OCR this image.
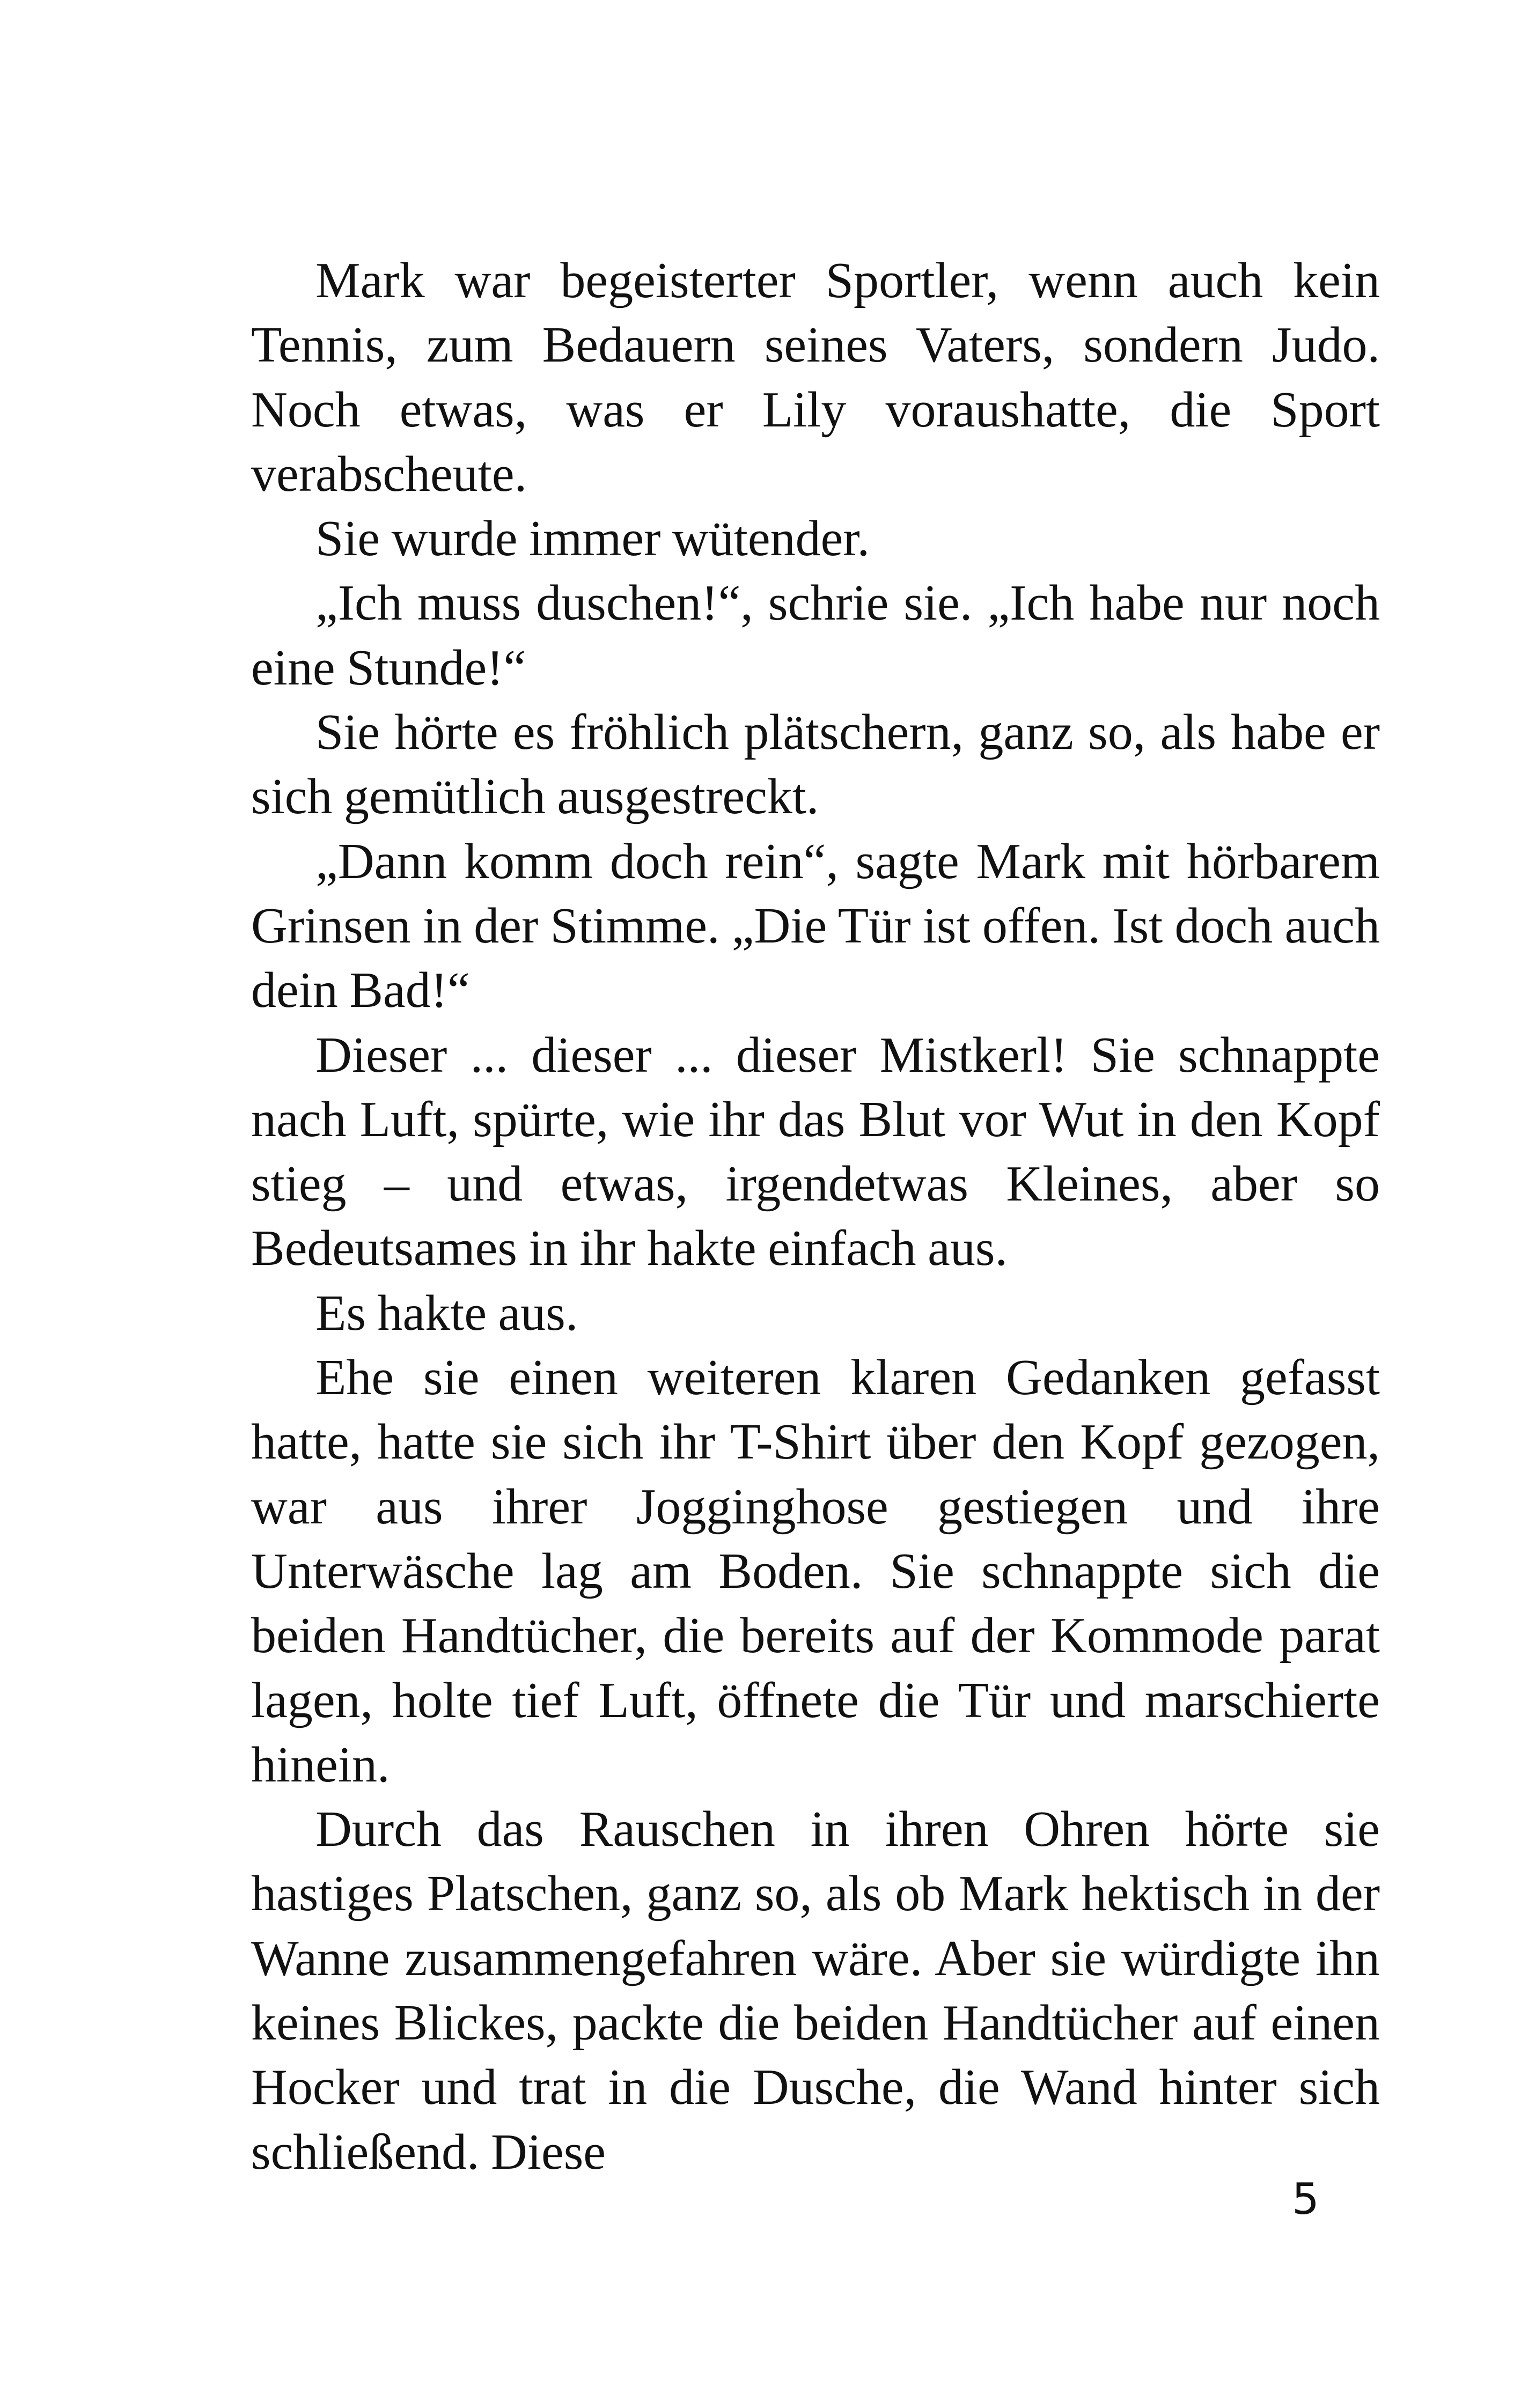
Mark war begeisterter Sportler, wenn auch kein Tennis, zum Bedauern seines Vaters, sondern Judo. Noch etwas, was er Lily voraushatte, die Sport verabscheute.

Sie wurde immer wütender.

„Ich muss duschen!“, schrie sie. „Ich habe nur noch eine Stunde!“

Sie hörte es fröhlich plätschern, ganz so, als habe er sich gemütlich ausgestreckt.

„Dann komm doch rein“, sagte Mark mit hörbarem Grinsen in der Stimme. „Die Tür ist offen. Ist doch auch dein Bad!“

Dieser ... dieser ... dieser Mistkerl! Sie schnappte nach Luft, spürte, wie ihr das Blut vor Wut in den Kopf stieg – und etwas, irgendetwas Kleines, aber so Bedeutsames in ihr hakte einfach aus.

Es hakte aus.

Ehe sie einen weiteren klaren Gedanken gefasst hatte, hatte sie sich ihr T-Shirt über den Kopf gezogen, war aus ihrer Jogginghose gestiegen und ihre Unterwäsche lag am Boden. Sie schnappte sich die beiden Handtücher, die bereits auf der Kommode parat lagen, holte tief Luft, öffnete die Tür und marschierte hinein.

Durch das Rauschen in ihren Ohren hörte sie hastiges Platschen, ganz so, als ob Mark hektisch in der Wanne zusammengefahren wäre. Aber sie würdigte ihn keines Blickes, packte die beiden Handtücher auf einen Hocker und trat in die Dusche, die Wand hinter sich schließend. Diese

5
